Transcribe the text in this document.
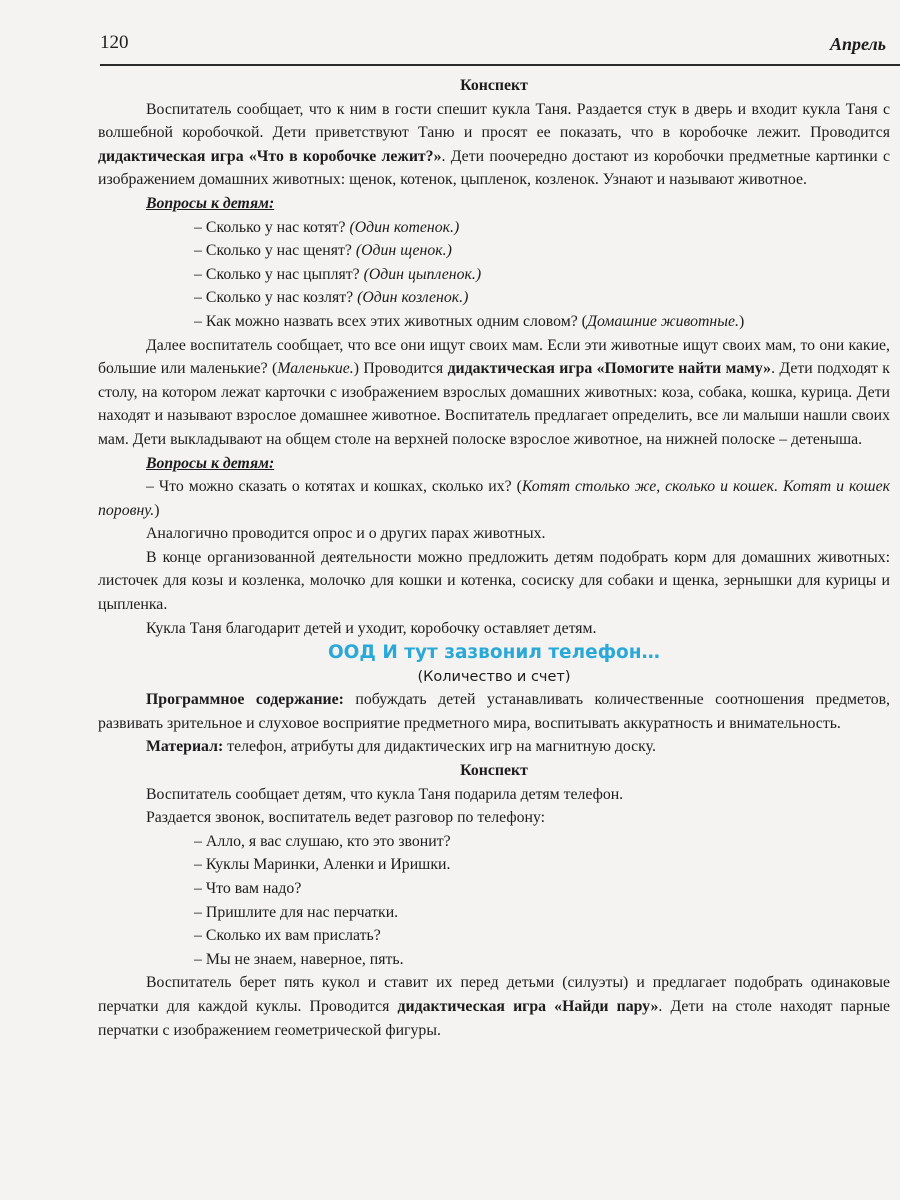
120	Апрель

Конспект

Воспитатель сообщает, что к ним в гости спешит кукла Таня. Раздается стук в дверь и входит кукла Таня с волшебной коробочкой. Дети приветствуют Таню и просят ее показать, что в коробочке лежит. Проводится дидактическая игра «Что в коробочке лежит?». Дети поочередно достают из коробочки предметные картинки с изображением домашних животных: щенок, котенок, цыпленок, козленок. Узнают и называют животное.

Вопросы к детям:

– Сколько у нас котят? (Один котенок.)

– Сколько у нас щенят? (Один щенок.)

– Сколько у нас цыплят? (Один цыпленок.)

– Сколько у нас козлят? (Один козленок.)

– Как можно назвать всех этих животных одним словом? (Домашние животные.)

Далее воспитатель сообщает, что все они ищут своих мам. Если эти животные ищут своих мам, то они какие, большие или маленькие? (Маленькие.) Проводится дидактическая игра «Помогите найти маму». Дети подходят к столу, на котором лежат карточки с изображением взрослых домашних животных: коза, собака, кошка, курица. Дети находят и называют взрослое домашнее животное. Воспитатель предлагает определить, все ли малыши нашли своих мам. Дети выкладывают на общем столе на верхней полоске взрослое животное, на нижней полоске – детеныша.

Вопросы к детям:

– Что можно сказать о котятах и кошках, сколько их? (Котят столько же, сколько и кошек. Котят и кошек поровну.)

Аналогично проводится опрос и о других парах животных.

В конце организованной деятельности можно предложить детям подобрать корм для домашних животных: листочек для козы и козленка, молочко для кошки и котенка, сосиску для собаки и щенка, зернышки для курицы и цыпленка.

Кукла Таня благодарит детей и уходит, коробочку оставляет детям.

ООД И тут зазвонил телефон…

(Количество и счет)

Программное содержание: побуждать детей устанавливать количественные соотношения предметов, развивать зрительное и слуховое восприятие предметного мира, воспитывать аккуратность и внимательность.

Материал: телефон, атрибуты для дидактических игр на магнитную доску.

Конспект

Воспитатель сообщает детям, что кукла Таня подарила детям телефон.

Раздается звонок, воспитатель ведет разговор по телефону:

– Алло, я вас слушаю, кто это звонит?

– Куклы Маринки, Аленки и Иришки.

– Что вам надо?

– Пришлите для нас перчатки.

– Сколько их вам прислать?

– Мы не знаем, наверное, пять.

Воспитатель берет пять кукол и ставит их перед детьми (силуэты) и предлагает подобрать одинаковые перчатки для каждой куклы. Проводится дидактическая игра «Найди пару». Дети на столе находят парные перчатки с изображением геометрической фигуры.
